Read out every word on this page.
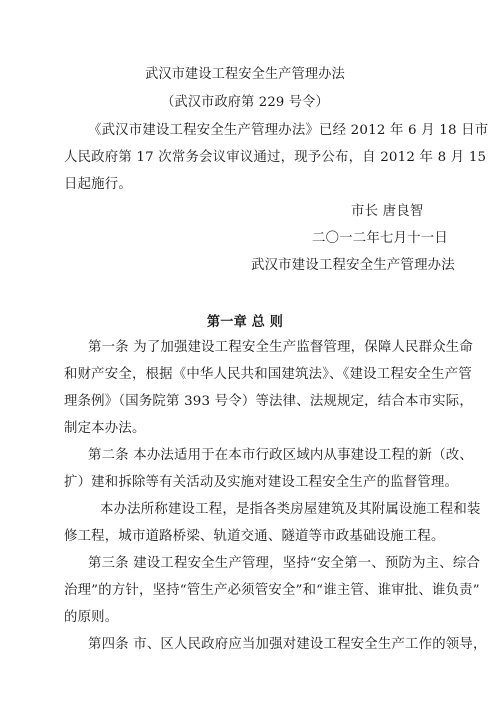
武汉市建设工程安全生产管理办法
（武汉市政府第 229 号令）
《武汉市建设工程安全生产管理办法》已经 2012 年 6 月 18 日市
人民政府第 17 次常务会议审议通过，现予公布，自 2012 年 8 月 15
日起施行。
市长 唐良智
二〇一二年七月十一日
武汉市建设工程安全生产管理办法
第一章 总 则
第一条 为了加强建设工程安全生产监督管理，保障人民群众生命
和财产安全，根据《中华人民共和国建筑法》、《建设工程安全生产管
理条例》（国务院第 393 号令）等法律、法规规定，结合本市实际，
制定本办法。
第二条 本办法适用于在本市行政区域内从事建设工程的新（改、
扩）建和拆除等有关活动及实施对建设工程安全生产的监督管理。
本办法所称建设工程，是指各类房屋建筑及其附属设施工程和装
修工程，城市道路桥梁、轨道交通、隧道等市政基础设施工程。
第三条 建设工程安全生产管理，坚持“安全第一、预防为主、综合
治理”的方针，坚持“管生产必须管安全”和“谁主管、谁审批、谁负责”
的原则。
第四条 市、区人民政府应当加强对建设工程安全生产工作的领导，
